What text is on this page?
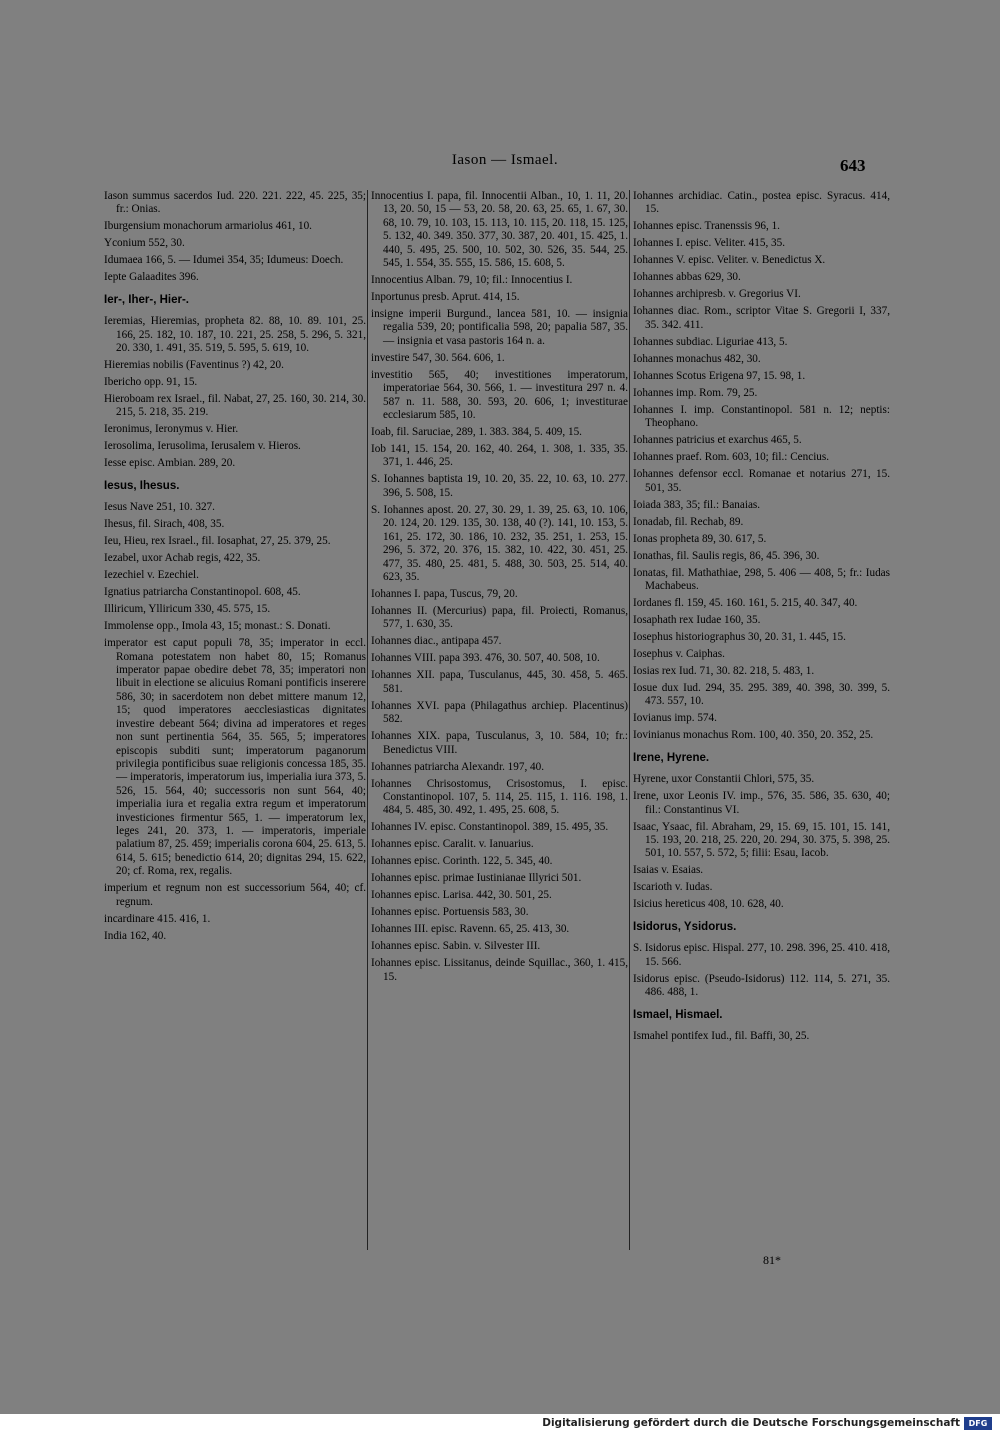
Iason — Ismael.	643
Iason summus sacerdos Iud. 220. 221. 222, 45. 225, 35; fr.: Onias.
Iburgensium monachorum armariolus 461, 10.
Yconium 552, 30.
Idumaea 166, 5. — Idumei 354, 35; Idumeus: Doech.
Iepte Galaadites 396.
Ier-, Iher-, Hier-.
Ieremias, Hieremias, propheta 82. 88, 10. 89. 101, 25. 166, 25. 182, 10. 187, 10. 221, 25. 258, 5. 296, 5. 321, 20. 330, 1. 491, 35. 519, 5. 595, 5. 619, 10.
Hieremias nobilis (Faventinus ?) 42, 20.
Ibericho opp. 91, 15.
Hieroboam rex Israel., fil. Nabat, 27, 25. 160, 30. 214, 30. 215, 5. 218, 35. 219.
Ieronimus, Ieronymus v. Hier.
Ierosolima, Ierusolima, Ierusalem v. Hieros.
Iesse episc. Ambian. 289, 20.
Iesus, Ihesus.
Iesus Nave 251, 10. 327.
Ihesus, fil. Sirach, 408, 35.
Ieu, Hieu, rex Israel., fil. Iosaphat, 27, 25. 379, 25.
Iezabel, uxor Achab regis, 422, 35.
Iezechiel v. Ezechiel.
Ignatius patriarcha Constantinopol. 608, 45.
Illiricum, Ylliricum 330, 45. 575, 15.
Immolense opp., Imola 43, 15; monast.: S. Donati.
imperator est caput populi 78, 35; imperator in eccl. Romana potestatem non habet 80, 15; Romanus imperator papae obedire debet 78, 35; imperatori non libuit in electione se alicuius Romani pontificis inserere 586, 30; in sacerdotem non debet mittere manum 12, 15; quod imperatores aecclesiasticas dignitates investire debeant 564; divina ad imperatores et reges non sunt pertinentia 564, 35. 565, 5; imperatores episcopis subditi sunt; imperatorum paganorum privilegia pontificibus suae religionis concessa 185, 35. — imperatoris, imperatorum ius, imperialia iura 373, 5. 526, 15. 564, 40; successoris non sunt 564, 40; imperialia iura et regalia extra regum et imperatorum investiciones firmentur 565, 1. — imperatorum lex, leges 241, 20. 373, 1. — imperatoris, imperiale palatium 87, 25. 459; imperialis corona 604, 25. 613, 5. 614, 5. 615; benedictio 614, 20; dignitas 294, 15. 622, 20; cf. Roma, rex, regalis.
imperium et regnum non est successorium 564, 40; cf. regnum.
incardinare 415. 416, 1.
India 162, 40.
Innocentius I. papa, fil. Innocentii Alban., 10, 1. 11, 20. 13, 20. 50, 15 — 53, 20. 58, 20. 63, 25. 65, 1. 67, 30. 68, 10. 79, 10. 103, 15. 113, 10. 115, 20. 118, 15. 125, 5. 132, 40. 349. 350. 377, 30. 387, 20. 401, 15. 425, 1. 440, 5. 495, 25. 500, 10. 502, 30. 526, 35. 544, 25. 545, 1. 554, 35. 555, 15. 586, 15. 608, 5.
Innocentius Alban. 79, 10; fil.: Innocentius I.
Inportunus presb. Aprut. 414, 15.
insigne imperii Burgund., lancea 581, 10. — insignia regalia 539, 20; pontificalia 598, 20; papalia 587, 35. — insignia et vasa pastoris 164 n. a.
investire 547, 30. 564. 606, 1.
investitio 565, 40; investitiones imperatorum, imperatoriae 564, 30. 566, 1. — investitura 297 n. 4. 587 n. 11. 588, 30. 593, 20. 606, 1; investiturae ecclesiarum 585, 10.
Ioab, fil. Saruciae, 289, 1. 383. 384, 5. 409, 15.
Iob 141, 15. 154, 20. 162, 40. 264, 1. 308, 1. 335, 35. 371, 1. 446, 25.
S. Iohannes baptista 19, 10. 20, 35. 22, 10. 63, 10. 277. 396, 5. 508, 15.
S. Iohannes apost. 20. 27, 30. 29, 1. 39, 25. 63, 10. 106, 20. 124, 20. 129. 135, 30. 138, 40 (?). 141, 10. 153, 5. 161, 25. 172, 30. 186, 10. 232, 35. 251, 1. 253, 15. 296, 5. 372, 20. 376, 15. 382, 10. 422, 30. 451, 25. 477, 35. 480, 25. 481, 5. 488, 30. 503, 25. 514, 40. 623, 35.
Iohannes I. papa, Tuscus, 79, 20.
Iohannes II. (Mercurius) papa, fil. Proiecti, Romanus, 577, 1. 630, 35.
Iohannes diac., antipapa 457.
Iohannes VIII. papa 393. 476, 30. 507, 40. 508, 10.
Iohannes XII. papa, Tusculanus, 445, 30. 458, 5. 465. 581.
Iohannes XVI. papa (Philagathus archiep. Placentinus) 582.
Iohannes XIX. papa, Tusculanus, 3, 10. 584, 10; fr.: Benedictus VIII.
Iohannes patriarcha Alexandr. 197, 40.
Iohannes Chrisostomus, Crisostomus, I. episc. Constantinopol. 107, 5. 114, 25. 115, 1. 116. 198, 1. 484, 5. 485, 30. 492, 1. 495, 25. 608, 5.
Iohannes IV. episc. Constantinopol. 389, 15. 495, 35.
Iohannes episc. Caralit. v. Ianuarius.
Iohannes episc. Corinth. 122, 5. 345, 40.
Iohannes episc. primae Iustinianae Illyrici 501.
Iohannes episc. Larisa. 442, 30. 501, 25.
Iohannes episc. Portuensis 583, 30.
Iohannes III. episc. Ravenn. 65, 25. 413, 30.
Iohannes episc. Sabin. v. Silvester III.
Iohannes episc. Lissitanus, deinde Squillac., 360, 1. 415, 15.
Iohannes archidiac. Catin., postea episc. Syracus. 414, 15.
Iohannes episc. Tranenssis 96, 1.
Iohannes I. episc. Veliter. 415, 35.
Iohannes V. episc. Veliter. v. Benedictus X.
Iohannes abbas 629, 30.
Iohannes archipresb. v. Gregorius VI.
Iohannes diac. Rom., scriptor Vitae S. Gregorii I, 337, 35. 342. 411.
Iohannes subdiac. Liguriae 413, 5.
Iohannes monachus 482, 30.
Iohannes Scotus Erigena 97, 15. 98, 1.
Iohannes imp. Rom. 79, 25.
Iohannes I. imp. Constantinopol. 581 n. 12; neptis: Theophano.
Iohannes patricius et exarchus 465, 5.
Iohannes praef. Rom. 603, 10; fil.: Cencius.
Iohannes defensor eccl. Romanae et notarius 271, 15. 501, 35.
Ioiada 383, 35; fil.: Banaias.
Ionadab, fil. Rechab, 89.
Ionas propheta 89, 30. 617, 5.
Ionathas, fil. Saulis regis, 86, 45. 396, 30.
Ionatas, fil. Mathathiae, 298, 5. 406 — 408, 5; fr.: Iudas Machabeus.
Iordanes fl. 159, 45. 160. 161, 5. 215, 40. 347, 40.
Iosaphath rex Iudae 160, 35.
Iosephus historiographus 30, 20. 31, 1. 445, 15.
Iosephus v. Caiphas.
Iosias rex Iud. 71, 30. 82. 218, 5. 483, 1.
Iosue dux Iud. 294, 35. 295. 389, 40. 398, 30. 399, 5. 473. 557, 10.
Iovianus imp. 574.
Iovinianus monachus Rom. 100, 40. 350, 20. 352, 25.
Irene, Hyrene.
Hyrene, uxor Constantii Chlori, 575, 35.
Irene, uxor Leonis IV. imp., 576, 35. 586, 35. 630, 40; fil.: Constantinus VI.
Isaac, Ysaac, fil. Abraham, 29, 15. 69, 15. 101, 15. 141, 15. 193, 20. 218, 25. 220, 20. 294, 30. 375, 5. 398, 25. 501, 10. 557, 5. 572, 5; filii: Esau, Iacob.
Isaias v. Esaias.
Iscarioth v. Iudas.
Isicius hereticus 408, 10. 628, 40.
Isidorus, Ysidorus.
S. Isidorus episc. Hispal. 277, 10. 298. 396, 25. 410. 418, 15. 566.
Isidorus episc. (Pseudo-Isidorus) 112. 114, 5. 271, 35. 486. 488, 1.
Ismael, Hismael.
Ismahel pontifex Iud., fil. Baffi, 30, 25.
81*
Digitalisierung gefördert durch die Deutsche Forschungsgemeinschaft	DFG
